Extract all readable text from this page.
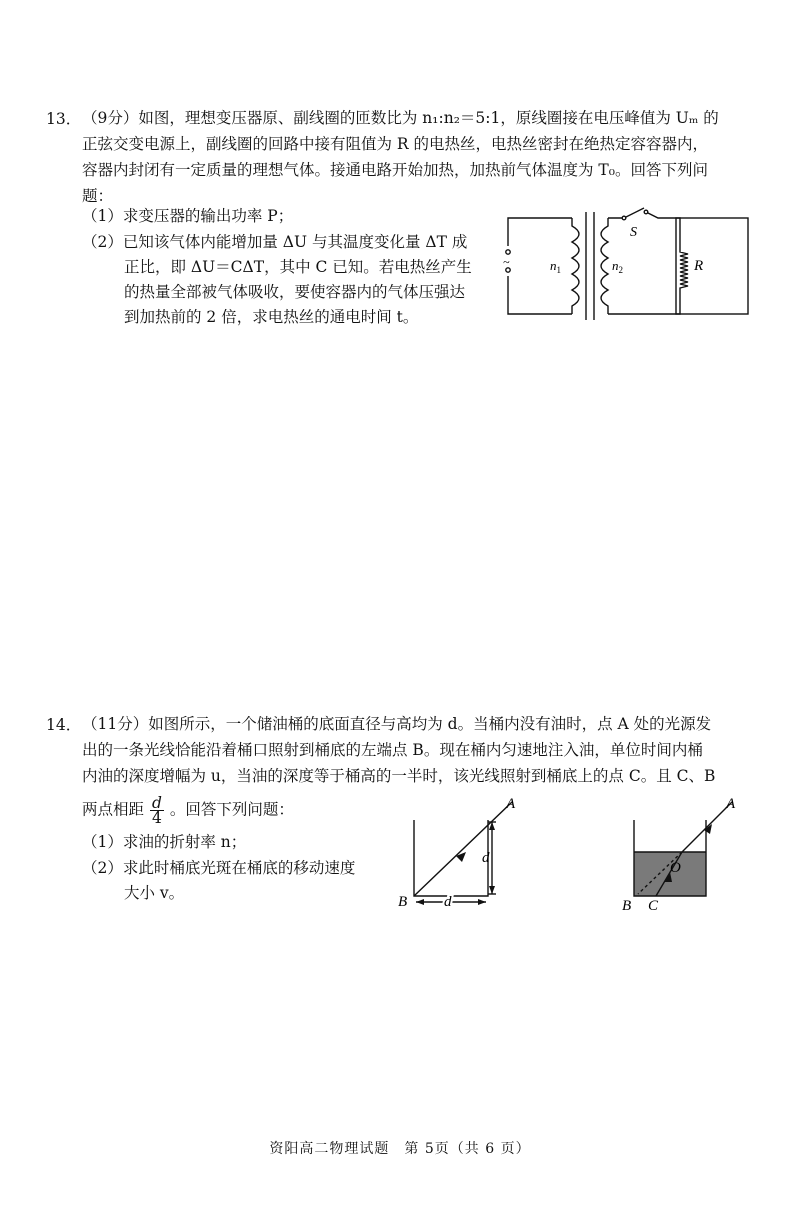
13． （9分）如图，理想变压器原、副线圈的匝数比为 n₁:n₂＝5:1，原线圈接在电压峰值为 Uₘ 的
正弦交变电源上，副线圈的回路中接有阻值为 R 的电热丝，电热丝密封在绝热定容容器内，
容器内封闭有一定质量的理想气体。接通电路开始加热，加热前气体温度为 T₀。回答下列问
题：
（1）求变压器的输出功率 P；
（2）已知该气体内能增加量 ΔU 与其温度变化量 ΔT 成
正比，即 ΔU＝CΔT，其中 C 已知。若电热丝产生
的热量全部被气体吸收，要使容器内的气体压强达
到加热前的 2 倍，求电热丝的通电时间 t。
~
S
$n_1$	$n_2$	R
14． （11分）如图所示，一个储油桶的底面直径与高均为 d。当桶内没有油时，点 A 处的光源发
出的一条光线恰能沿着桶口照射到桶底的左端点 B。现在桶内匀速地注入油，单位时间内桶
内油的深度增幅为 u，当油的深度等于桶高的一半时，该光线照射到桶底上的点 C。且 C、B
两点相距 $\frac{d}{4}$ 。回答下列问题：
（1）求油的折射率 n；
（2）求此时桶底光斑在桶底的移动速度
大小 v。
A
B
d
d
A
O
B C
资阳高二物理试题　第 5页（共 6 页）
